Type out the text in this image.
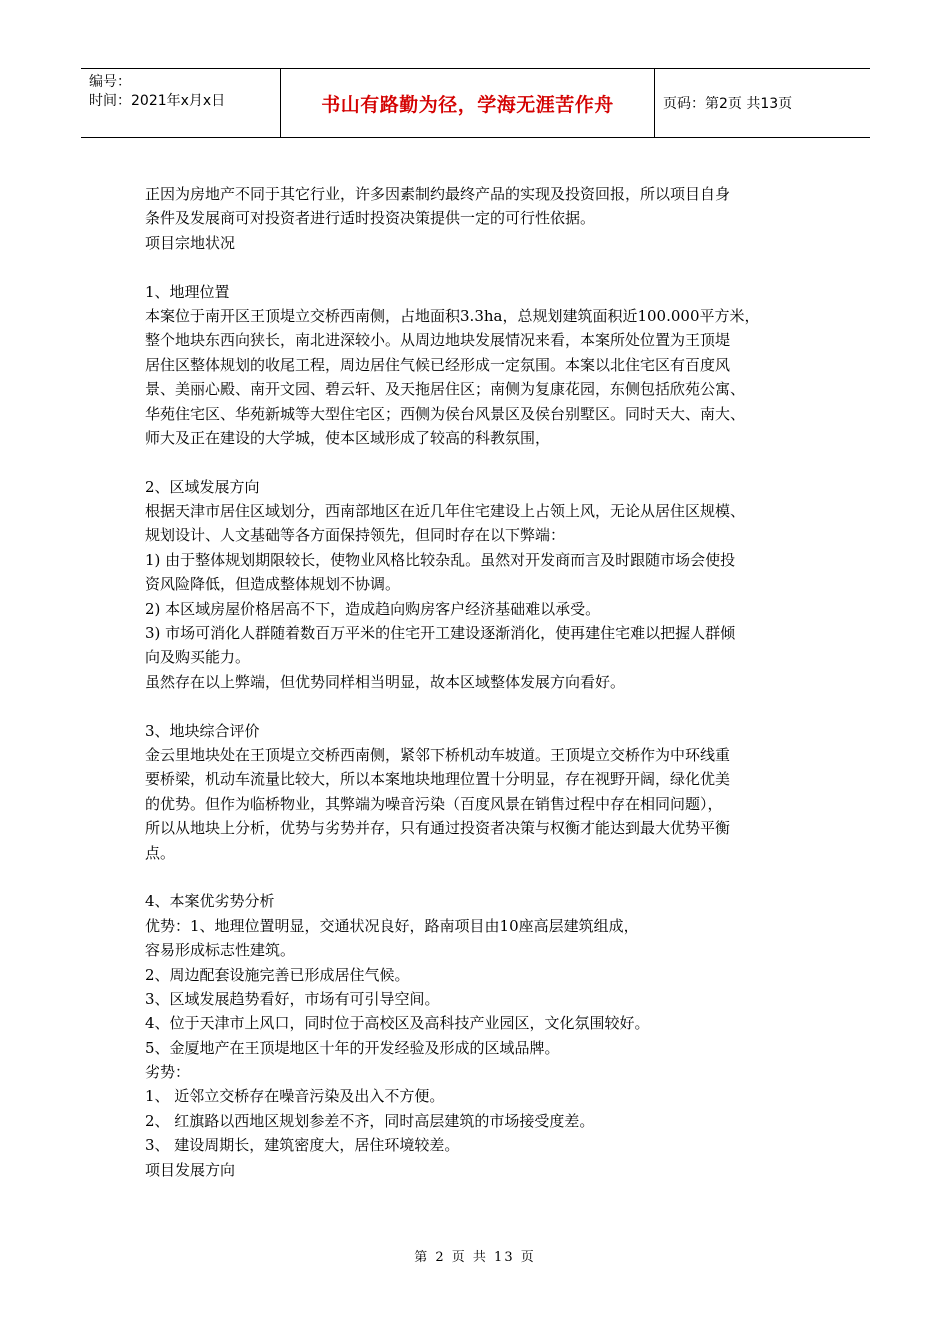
编号：
时间：2021年x月x日	书山有路勤为径，学海无涯苦作舟	页码：第2页 共13页
正因为房地产不同于其它行业，许多因素制约最终产品的实现及投资回报，所以项目自身
条件及发展商可对投资者进行适时投资决策提供一定的可行性依据。
项目宗地状况
1、地理位置
本案位于南开区王顶堤立交桥西南侧，占地面积3.3ha，总规划建筑面积近100.000平方米，
整个地块东西向狭长，南北进深较小。从周边地块发展情况来看，本案所处位置为王顶堤
居住区整体规划的收尾工程，周边居住气候已经形成一定氛围。本案以北住宅区有百度风
景、美丽心殿、南开文园、碧云轩、及天拖居住区；南侧为复康花园，东侧包括欣苑公寓、
华苑住宅区、华苑新城等大型住宅区；西侧为侯台风景区及侯台别墅区。同时天大、南大、
师大及正在建设的大学城，使本区域形成了较高的科教氛围，
2、区域发展方向
根据天津市居住区域划分，西南部地区在近几年住宅建设上占领上风，无论从居住区规模、
规划设计、人文基础等各方面保持领先，但同时存在以下弊端：
1) 由于整体规划期限较长，使物业风格比较杂乱。虽然对开发商而言及时跟随市场会使投
资风险降低，但造成整体规划不协调。
2) 本区域房屋价格居高不下，造成趋向购房客户经济基础难以承受。
3) 市场可消化人群随着数百万平米的住宅开工建设逐渐消化，使再建住宅难以把握人群倾
向及购买能力。
虽然存在以上弊端，但优势同样相当明显，故本区域整体发展方向看好。
3、地块综合评价
金云里地块处在王顶堤立交桥西南侧，紧邻下桥机动车坡道。王顶堤立交桥作为中环线重
要桥梁，机动车流量比较大，所以本案地块地理位置十分明显，存在视野开阔，绿化优美
的优势。但作为临桥物业，其弊端为噪音污染（百度风景在销售过程中存在相同问题），
所以从地块上分析，优势与劣势并存，只有通过投资者决策与权衡才能达到最大优势平衡
点。
4、本案优劣势分析
优势：1、地理位置明显，交通状况良好，路南项目由10座高层建筑组成，
容易形成标志性建筑。
2、周边配套设施完善已形成居住气候。
3、区域发展趋势看好，市场有可引导空间。
4、位于天津市上风口，同时位于高校区及高科技产业园区，文化氛围较好。
5、金厦地产在王顶堤地区十年的开发经验及形成的区域品牌。
劣势：
1、 近邻立交桥存在噪音污染及出入不方便。
2、 红旗路以西地区规划参差不齐，同时高层建筑的市场接受度差。
3、 建设周期长，建筑密度大，居住环境较差。
项目发展方向
第 2 页 共 13 页
